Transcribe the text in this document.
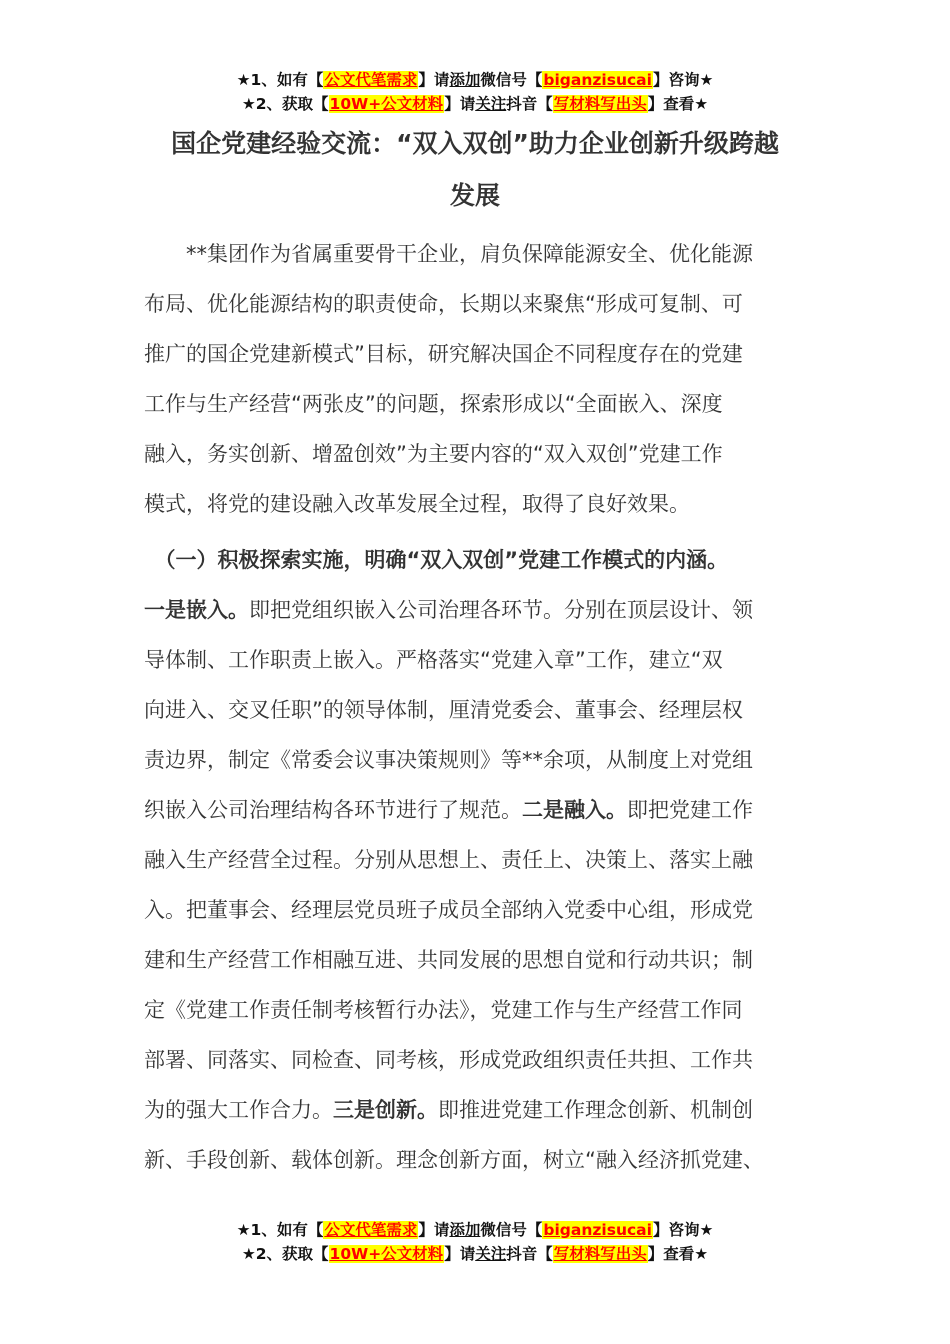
★1、如有【公文代笔需求】请添加微信号【biganzisucai】咨询★
★2、获取【10W+公文材料】请关注抖音【写材料写出头】查看★
国企党建经验交流：“双入双创”助力企业创新升级跨越
发展
　　**集团作为省属重要骨干企业，肩负保障能源安全、优化能源
布局、优化能源结构的职责使命，长期以来聚焦“形成可复制、可
推广的国企党建新模式”目标，研究解决国企不同程度存在的党建
工作与生产经营“两张皮”的问题，探索形成以“全面嵌入、深度
融入，务实创新、增盈创效”为主要内容的“双入双创”党建工作
模式，将党的建设融入改革发展全过程，取得了良好效果。
　（一）积极探索实施，明确“双入双创”党建工作模式的内涵。
一是嵌入。即把党组织嵌入公司治理各环节。分别在顶层设计、领
导体制、工作职责上嵌入。严格落实“党建入章”工作，建立“双
向进入、交叉任职”的领导体制，厘清党委会、董事会、经理层权
责边界，制定《常委会议事决策规则》等**余项，从制度上对党组
织嵌入公司治理结构各环节进行了规范。二是融入。即把党建工作
融入生产经营全过程。分别从思想上、责任上、决策上、落实上融
入。把董事会、经理层党员班子成员全部纳入党委中心组，形成党
建和生产经营工作相融互进、共同发展的思想自觉和行动共识；制
定《党建工作责任制考核暂行办法》，党建工作与生产经营工作同
部署、同落实、同检查、同考核，形成党政组织责任共担、工作共
为的强大工作合力。三是创新。即推进党建工作理念创新、机制创
新、手段创新、载体创新。理念创新方面，树立“融入经济抓党建、
★1、如有【公文代笔需求】请添加微信号【biganzisucai】咨询★
★2、获取【10W+公文材料】请关注抖音【写材料写出头】查看★
